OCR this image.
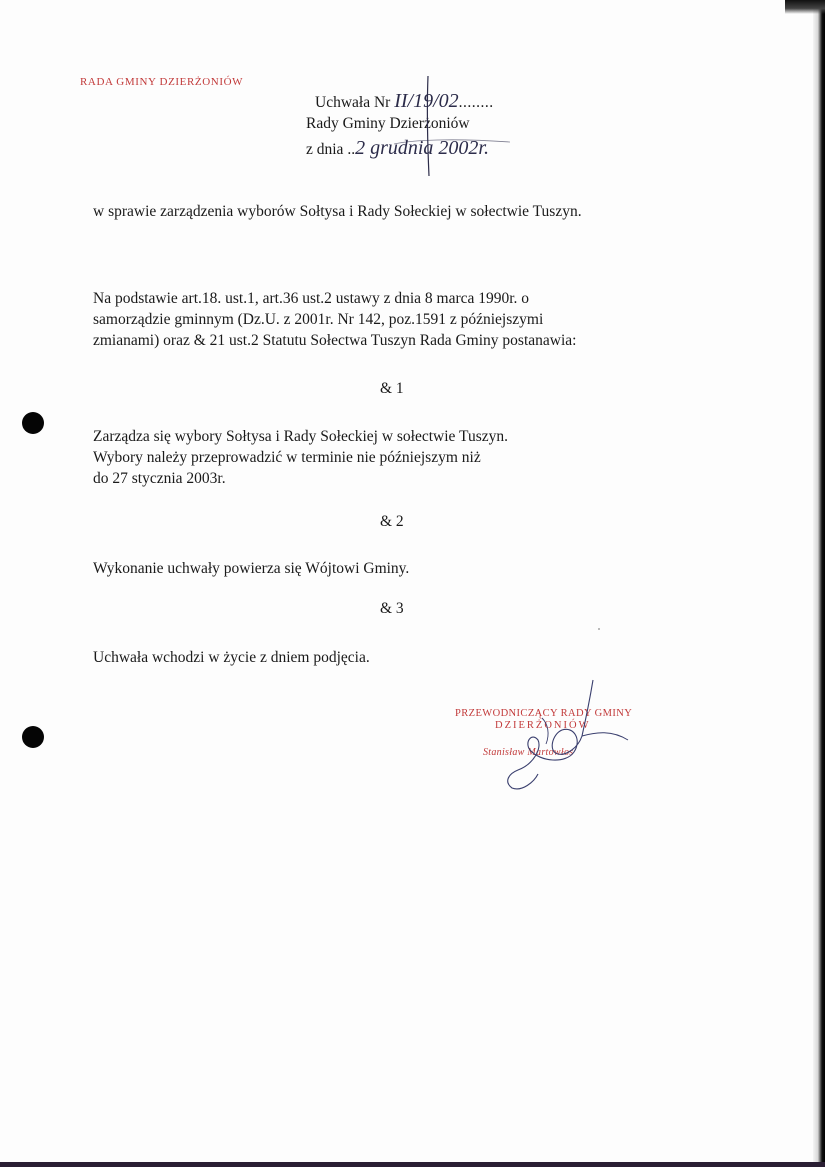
RADA GMINY DZIERŻONIÓW
Uchwała Nr II/19/02........
Rady Gminy Dzierżoniów
z dnia ..2 grudnia 2002r.
w sprawie zarządzenia wyborów Sołtysa i Rady Sołeckiej w sołectwie Tuszyn.
Na podstawie art.18. ust.1, art.36 ust.2 ustawy z dnia 8 marca 1990r. o
samorządzie gminnym (Dz.U. z 2001r. Nr 142, poz.1591 z późniejszymi
zmianami) oraz & 21 ust.2 Statutu Sołectwa Tuszyn Rada Gminy postanawia:
& 1
Zarządza się wybory Sołtysa i Rady Sołeckiej w sołectwie Tuszyn.
Wybory należy przeprowadzić w terminie nie późniejszym niż
do 27 stycznia 2003r.
& 2
Wykonanie uchwały powierza się Wójtowi Gminy.
& 3
Uchwała wchodzi w życie z dniem podjęcia.
PRZEWODNICZĄCY RADY GMINY
DZIERŻONIÓW
Stanisław Martowłos
